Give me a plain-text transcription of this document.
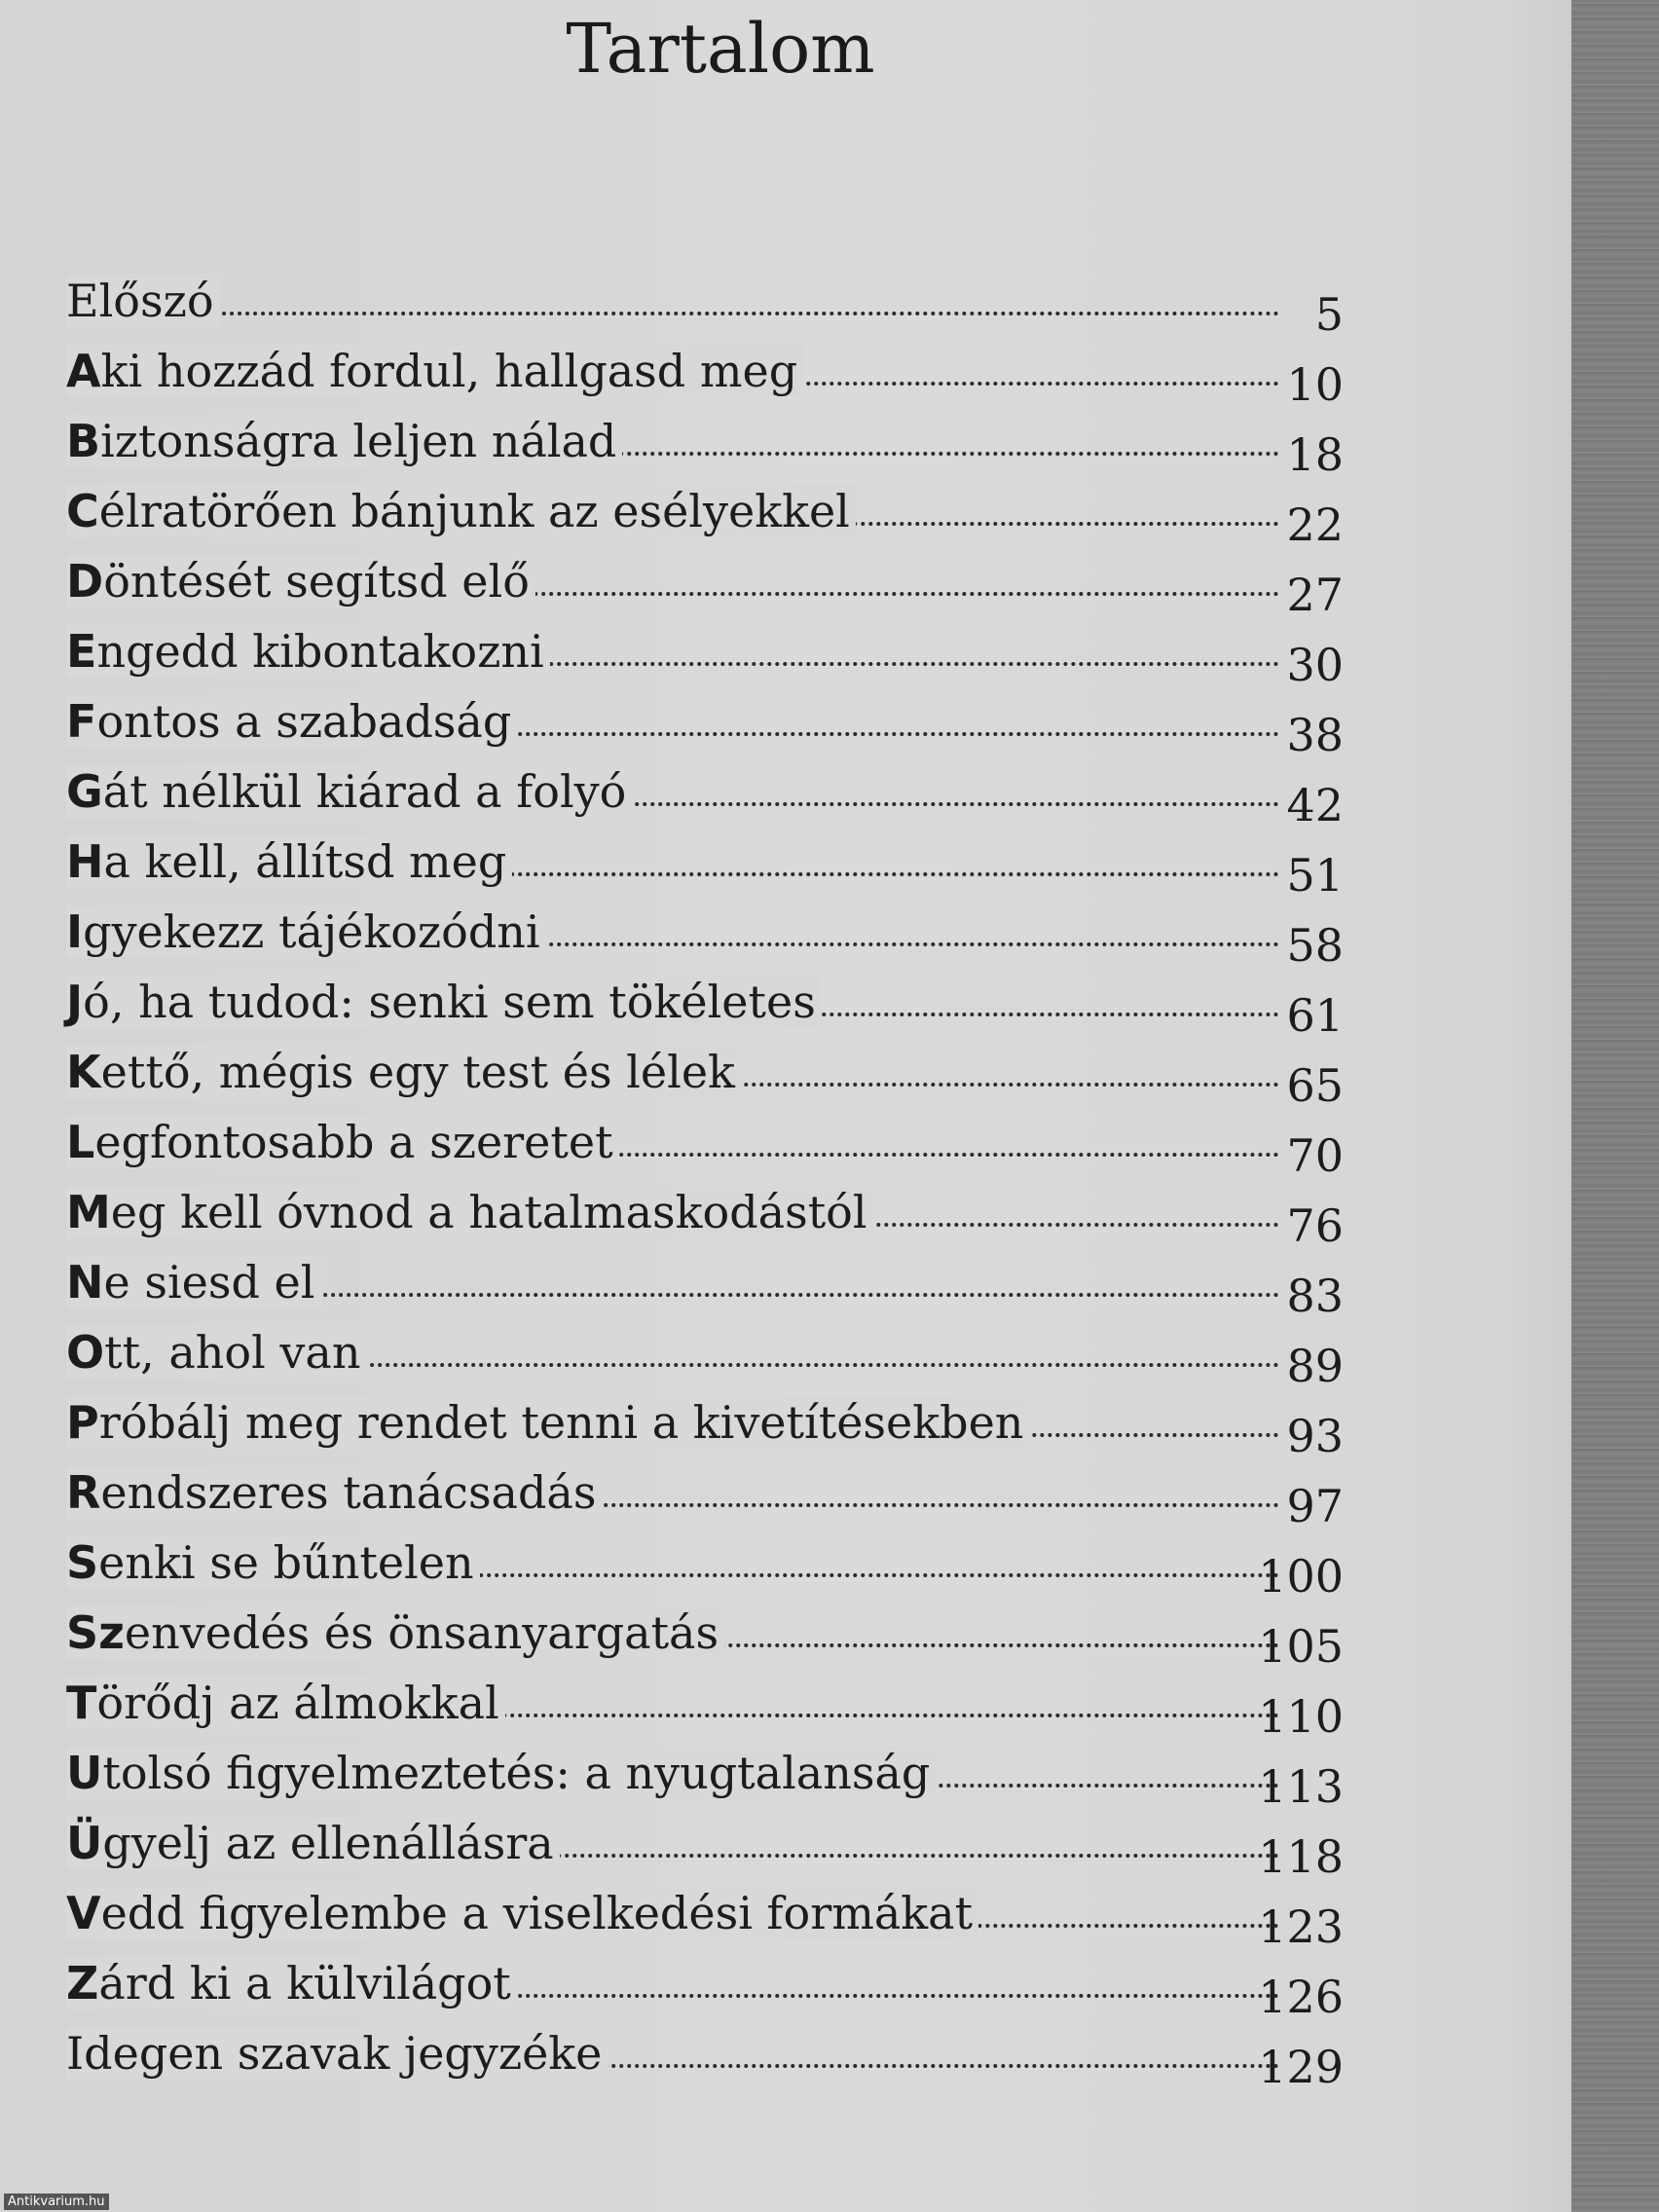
Tartalom
Előszó	5
Aki hozzád fordul, hallgasd meg	10
Biztonságra leljen nálad	18
Célratörően bánjunk az esélyekkel	22
Döntését segítsd elő	27
Engedd kibontakozni	30
Fontos a szabadság	38
Gát nélkül kiárad a folyó	42
Ha kell, állítsd meg	51
Igyekezz tájékozódni	58
Jó, ha tudod: senki sem tökéletes	61
Kettő, mégis egy test és lélek	65
Legfontosabb a szeretet	70
Meg kell óvnod a hatalmaskodástól	76
Ne siesd el	83
Ott, ahol van	89
Próbálj meg rendet tenni a kivetítésekben	93
Rendszeres tanácsadás	97
Senki se bűntelen	100
Szenvedés és önsanyargatás	105
Törődj az álmokkal	110
Utolsó figyelmeztetés: a nyugtalanság	113
Ügyelj az ellenállásra	118
Vedd figyelembe a viselkedési formákat	123
Zárd ki a külvilágot	126
Idegen szavak jegyzéke	129
Antikvarium.hu
